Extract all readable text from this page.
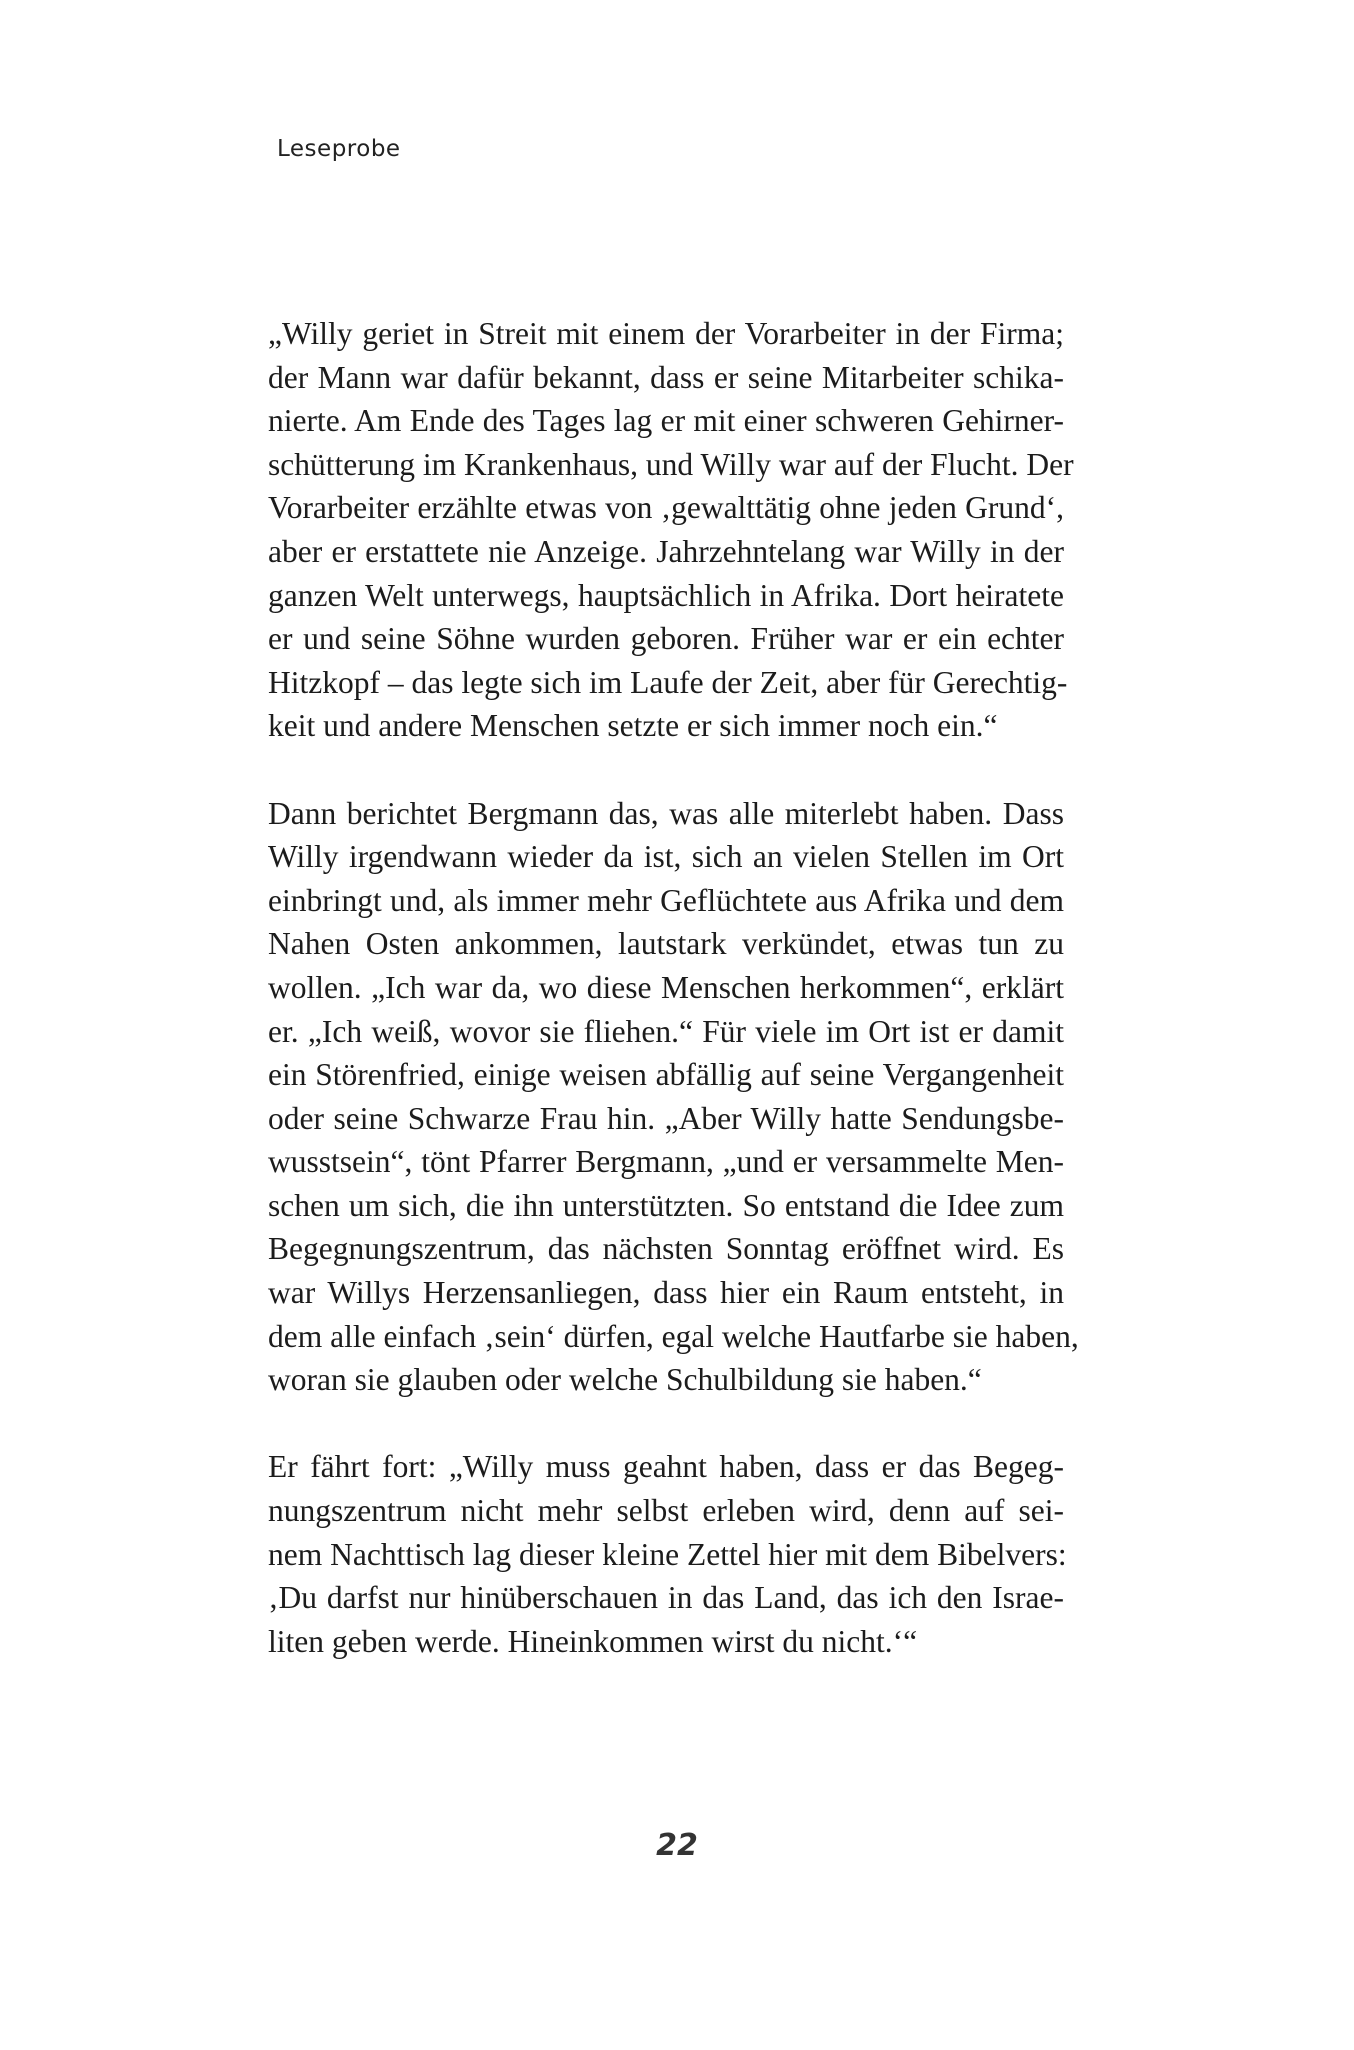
Leseprobe

„Willy geriet in Streit mit einem der Vorarbeiter in der Firma;
der Mann war dafür bekannt, dass er seine Mitarbeiter schika-
nierte. Am Ende des Tages lag er mit einer schweren Gehirner-
schütterung im Krankenhaus, und Willy war auf der Flucht. Der
Vorarbeiter erzählte etwas von ‚gewalttätig ohne jeden Grund‘,
aber er erstattete nie Anzeige. Jahrzehntelang war Willy in der
ganzen Welt unterwegs, hauptsächlich in Afrika. Dort heiratete
er und seine Söhne wurden geboren. Früher war er ein echter
Hitzkopf – das legte sich im Laufe der Zeit, aber für Gerechtig-
keit und andere Menschen setzte er sich immer noch ein.“

Dann berichtet Bergmann das, was alle miterlebt haben. Dass
Willy irgendwann wieder da ist, sich an vielen Stellen im Ort
einbringt und, als immer mehr Geflüchtete aus Afrika und dem
Nahen Osten ankommen, lautstark verkündet, etwas tun zu
wollen. „Ich war da, wo diese Menschen herkommen“, erklärt
er. „Ich weiß, wovor sie fliehen.“ Für viele im Ort ist er damit
ein Störenfried, einige weisen abfällig auf seine Vergangenheit
oder seine Schwarze Frau hin. „Aber Willy hatte Sendungsbe-
wusstsein“, tönt Pfarrer Bergmann, „und er versammelte Men-
schen um sich, die ihn unterstützten. So entstand die Idee zum
Begegnungszentrum, das nächsten Sonntag eröffnet wird. Es
war Willys Herzensanliegen, dass hier ein Raum entsteht, in
dem alle einfach ‚sein‘ dürfen, egal welche Hautfarbe sie haben,
woran sie glauben oder welche Schulbildung sie haben.“

Er fährt fort: „Willy muss geahnt haben, dass er das Begeg-
nungszentrum nicht mehr selbst erleben wird, denn auf sei-
nem Nachttisch lag dieser kleine Zettel hier mit dem Bibelvers:
‚Du darfst nur hinüberschauen in das Land, das ich den Israe-
liten geben werde. Hineinkommen wirst du nicht.‘“

22
